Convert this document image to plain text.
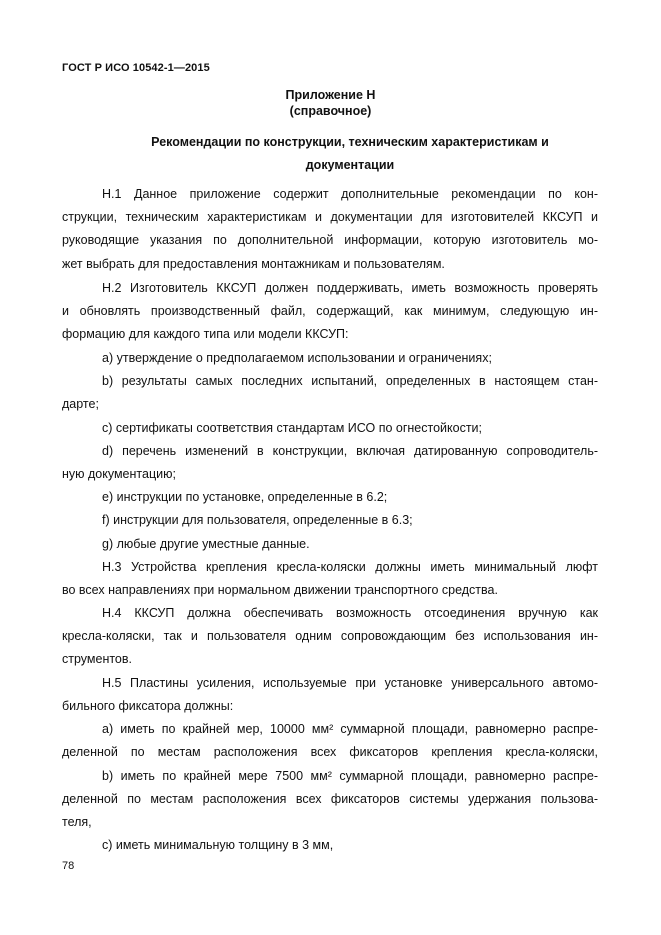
ГОСТ Р ИСО 10542-1—2015
Приложение Н
(справочное)
Рекомендации по конструкции, техническим характеристикам и
документации
Н.1 Данное приложение содержит дополнительные рекомендации по кон-
струкции, техническим характеристикам и документации для изготовителей ККСУП и
руководящие указания по дополнительной информации, которую изготовитель мо-
жет выбрать для предоставления монтажникам и пользователям.
Н.2 Изготовитель ККСУП должен поддерживать, иметь возможность проверять
и обновлять производственный файл, содержащий, как минимум, следующую ин-
формацию для каждого типа или модели ККСУП:
a) утверждение о предполагаемом использовании и ограничениях;
b) результаты самых последних испытаний, определенных в настоящем стан-
дарте;
c) сертификаты соответствия стандартам ИСО по огнестойкости;
d) перечень изменений в конструкции, включая датированную сопроводитель-
ную документацию;
e) инструкции по установке, определенные в 6.2;
f) инструкции для пользователя, определенные в 6.3;
g) любые другие уместные данные.
Н.3 Устройства крепления кресла-коляски должны иметь минимальный люфт
во всех направлениях при нормальном движении транспортного средства.
Н.4 ККСУП должна обеспечивать возможность отсоединения вручную как
кресла-коляски, так и пользователя одним сопровождающим без использования ин-
струментов.
Н.5 Пластины усиления, используемые при установке универсального автомо-
бильного фиксатора должны:
a) иметь по крайней мер, 10000 мм² суммарной площади, равномерно распре-
деленной по местам расположения всех фиксаторов крепления кресла-коляски,
b) иметь по крайней мере 7500 мм² суммарной площади, равномерно распре-
деленной по местам расположения всех фиксаторов системы удержания пользова-
теля,
c) иметь минимальную толщину в 3 мм,
78
